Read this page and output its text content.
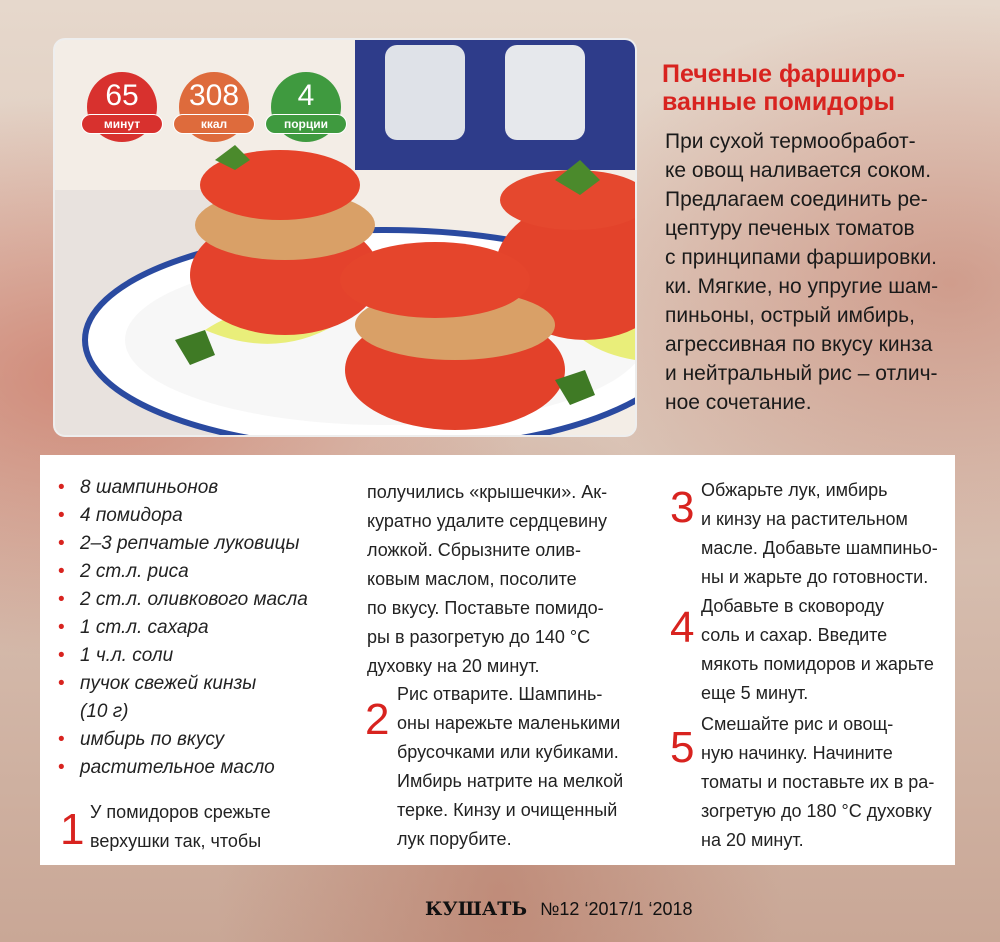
65
минут
308
ккал
4
порции
Печеные фарширо-
ванные помидоры
При сухой термообработ-
ке овощ наливается соком.
Предлагаем соединить ре-
цептуру печеных томатов
с принципами фаршировки.
ки. Мягкие, но упругие шам-
пиньоны, острый имбирь,
агрессивная по вкусу кинза
и нейтральный рис – отлич-
ное сочетание.
• 8 шампиньонов
• 4 помидора
• 2–3 репчатые луковицы
• 2 ст.л. риса
• 2 ст.л. оливкового масла
• 1 ст.л. сахара
• 1 ч.л. соли
• пучок свежей кинзы
(10 г)
• имбирь по вкусу
• растительное масло
1 У помидоров срежьте
верхушки так, чтобы
получились «крышечки». Ак-
куратно удалите сердцевину
ложкой. Сбрызните олив-
ковым маслом, посолите
по вкусу. Поставьте помидо-
ры в разогретую до 140 °С
духовку на 20 минут.
2
Рис отварите. Шампинь-
оны нарежьте маленькими
брусочками или кубиками.
Имбирь натрите на мелкой
терке. Кинзу и очищенный
лук порубите.
3 Обжарьте лук, имбирь
и кинзу на растительном
масле. Добавьте шампиньо-
ны и жарьте до готовности.
4 Добавьте в сковороду
соль и сахар. Введите
мякоть помидоров и жарьте
еще 5 минут.
5 Смешайте рис и овощ-
ную начинку. Начините
томаты и поставьте их в ра-
зогретую до 180 °С духовку
на 20 минут.
КУШАТЬ №12 ‘2017/1 ‘2018
